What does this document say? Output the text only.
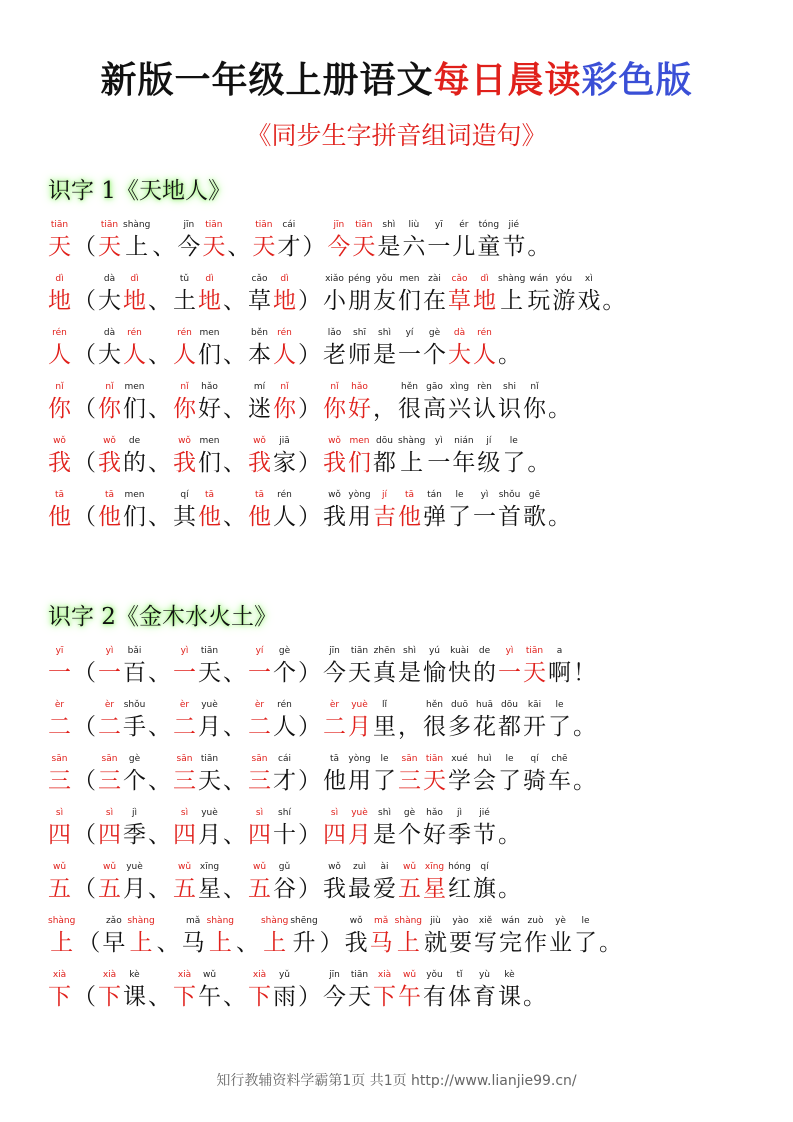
新版一年级上册语文每日晨读彩色版
《同步生字拼音组词造句》
识字 1《天地人》
tiān
天 （
tiān
天
shàng
上 、
jīn
今
tiān
天 、
tiān
天
cái
才 ）
jīn
今
tiān
天
shì
是
liù
六
yī
一
ér
儿
tóng
童
jié
节 。
dì
地 （
dà
大
dì
地 、
tǔ
土
dì
地 、
cǎo
草
dì
地 ）
xiǎo
小
péng
朋
yǒu
友
men
们
zài
在
cǎo
草
dì
地
shàng
上
wán
玩
yóu
游
xì
戏 。
rén
人 （
dà
大
rén
人 、
rén
人
men
们 、
běn
本
rén
人 ）
lǎo
老
shī
师
shì
是
yí
一
gè
个
dà
大
rén
人 。
nǐ
你 （
nǐ
你
men
们 、
nǐ
你
hǎo
好 、
mí
迷
nǐ
你 ）
nǐ
你
hǎo
好 ，
hěn
很
gāo
高
xìng
兴
rèn
认
shi
识
nǐ
你 。
wǒ
我 （
wǒ
我
de
的 、
wǒ
我
men
们 、
wǒ
我
jiā
家 ）
wǒ
我
men
们
dōu
都
shàng
上
yì
一
nián
年
jí
级
le
了 。
tā
他 （
tā
他
men
们 、
qí
其
tā
他 、
tā
他
rén
人 ）
wǒ
我
yòng
用
jí
吉
tā
他
tán
弹
le
了
yì
一
shǒu
首
gē
歌 。
识字 2《金木水火土》
yī
一 （
yì
一
bǎi
百 、
yì
一
tiān
天 、
yí
一
gè
个 ）
jīn
今
tiān
天
zhēn
真
shì
是
yú
愉
kuài
快
de
的
yì
一
tiān
天
a
啊 ！
èr
二 （
èr
二
shǒu
手 、
èr
二
yuè
月 、
èr
二
rén
人 ）
èr
二
yuè
月
lǐ
里 ，
hěn
很
duō
多
huā
花
dōu
都
kāi
开
le
了 。
sān
三 （
sān
三
gè
个 、
sān
三
tiān
天 、
sān
三
cái
才 ）
tā
他
yòng
用
le
了
sān
三
tiān
天
xué
学
huì
会
le
了
qí
骑
chē
车 。
sì
四 （
sì
四
jì
季 、
sì
四
yuè
月 、
sì
四
shí
十 ）
sì
四
yuè
月
shì
是
gè
个
hǎo
好
jì
季
jié
节 。
wǔ
五 （
wǔ
五
yuè
月 、
wǔ
五
xīng
星 、
wǔ
五
gǔ
谷 ）
wǒ
我
zuì
最
ài
爱
wǔ
五
xīng
星
hóng
红
qí
旗 。
shàng
上 （
zǎo
早
shàng
上 、
mǎ
马
shàng
上 、
shàng
上
shēng
升 ）
wǒ
我
mǎ
马
shàng
上
jiù
就
yào
要
xiě
写
wán
完
zuò
作
yè
业
le
了 。
xià
下 （
xià
下
kè
课 、
xià
下
wǔ
午 、
xià
下
yǔ
雨 ）
jīn
今
tiān
天
xià
下
wǔ
午
yǒu
有
tǐ
体
yù
育
kè
课 。
知行教辅资料学霸第1页 共1页 http://www.lianjie99.cn/
